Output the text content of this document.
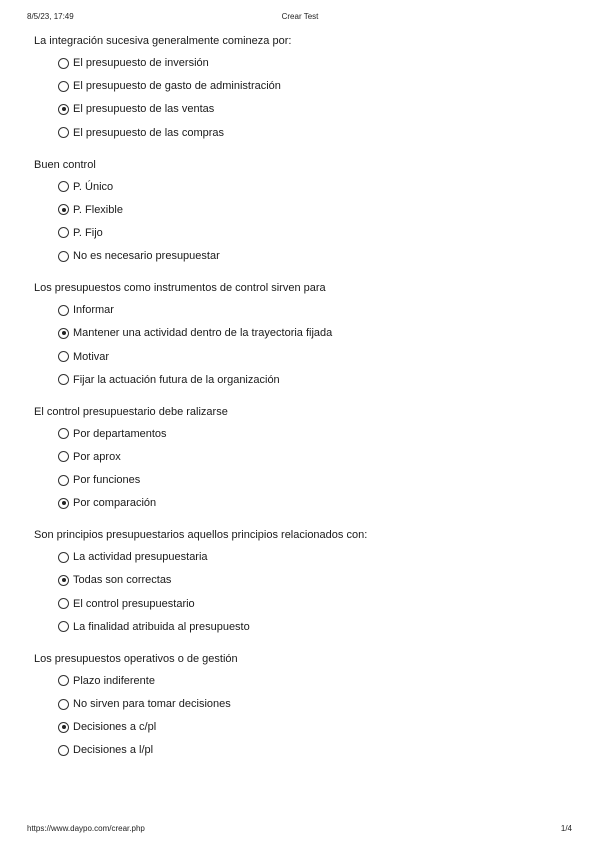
8/5/23, 17:49	Crear Test
La integración sucesiva generalmente comineza por:
El presupuesto de inversión
El presupuesto de gasto de administración
El presupuesto de las ventas
El presupuesto de las compras
Buen control
P. Único
P. Flexible
P. Fijo
No es necesario presupuestar
Los presupuestos como instrumentos de control sirven para
Informar
Mantener una actividad dentro de la trayectoria fijada
Motivar
Fijar la actuación futura de la organización
El control presupuestario debe ralizarse
Por departamentos
Por aprox
Por funciones
Por comparación
Son principios presupuestarios aquellos principios relacionados con:
La actividad presupuestaria
Todas son correctas
El control presupuestario
La finalidad atribuida al presupuesto
Los presupuestos operativos o de gestión
Plazo indiferente
No sirven para tomar decisiones
Decisiones a c/pl
Decisiones a l/pl
https://www.daypo.com/crear.php	1/4
